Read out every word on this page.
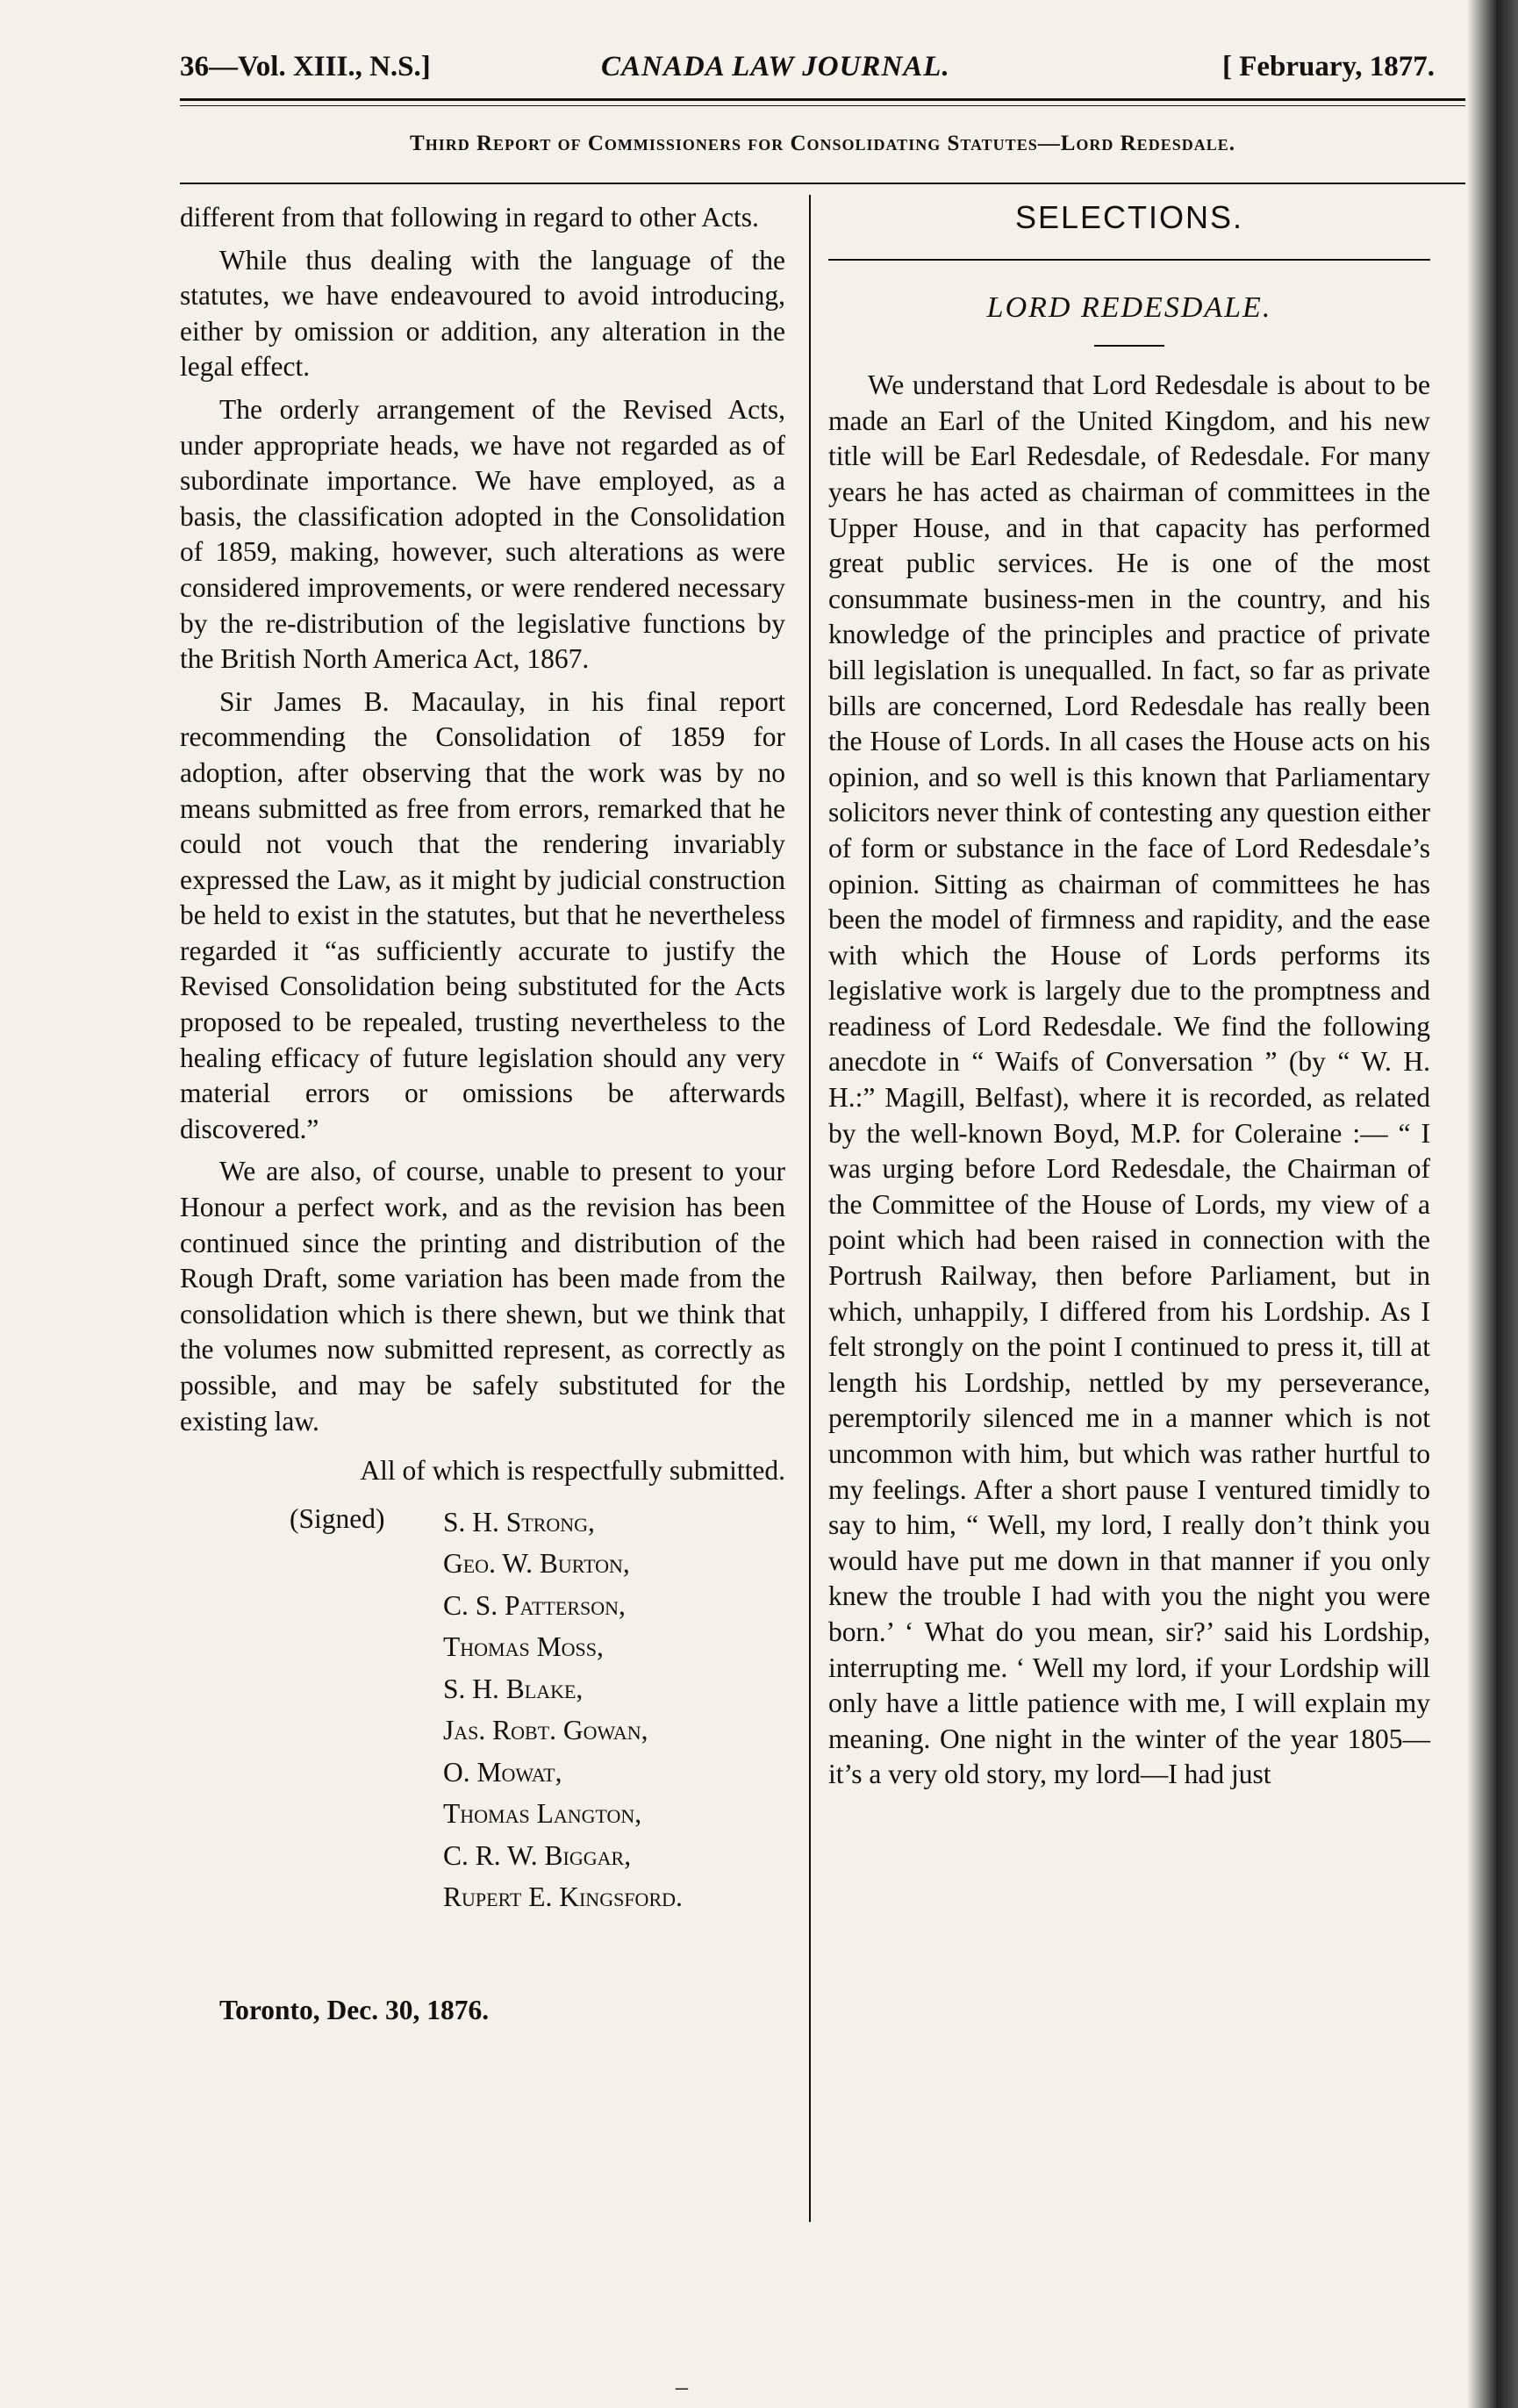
36—Vol. XIII., N.S.]	CANADA LAW JOURNAL.	[ February, 1877.
Third Report of Commissioners for Consolidating Statutes—Lord Redesdale.

different from that following in regard to other Acts.

While thus dealing with the language of the statutes, we have endeavoured to avoid introducing, either by omission or addition, any alteration in the legal effect.

The orderly arrangement of the Revised Acts, under appropriate heads, we have not regarded as of subordinate importance. We have employed, as a basis, the classification adopted in the Consolidation of 1859, making, however, such alterations as were considered improvements, or were rendered necessary by the re-distribution of the legislative functions by the British North America Act, 1867.

Sir James B. Macaulay, in his final report recommending the Consolidation of 1859 for adoption, after observing that the work was by no means submitted as free from errors, remarked that he could not vouch that the rendering invariably expressed the Law, as it might by judicial construction be held to exist in the statutes, but that he nevertheless regarded it “as sufficiently accurate to justify the Revised Consolidation being substituted for the Acts proposed to be repealed, trusting nevertheless to the healing efficacy of future legislation should any very material errors or omissions be afterwards discovered.”

We are also, of course, unable to present to your Honour a perfect work, and as the revision has been continued since the printing and distribution of the Rough Draft, some variation has been made from the consolidation which is there shewn, but we think that the volumes now submitted represent, as correctly as possible, and may be safely substituted for the existing law.

All of which is respectfully submitted.
(Signed) S. H. Strong,
Geo. W. Burton,
C. S. Patterson,
Thomas Moss,
S. H. Blake,
Jas. Robt. Gowan,
O. Mowat,
Thomas Langton,
C. R. W. Biggar,
Rupert E. Kingsford.
Toronto, Dec. 30, 1876.
SELECTIONS.
LORD REDESDALE.

We understand that Lord Redesdale is about to be made an Earl of the United Kingdom, and his new title will be Earl Redesdale, of Redesdale. For many years he has acted as chairman of committees in the Upper House, and in that capacity has performed great public services. He is one of the most consummate business-men in the country, and his knowledge of the principles and practice of private bill legislation is unequalled. In fact, so far as private bills are concerned, Lord Redesdale has really been the House of Lords. In all cases the House acts on his opinion, and so well is this known that Parliamentary solicitors never think of contesting any question either of form or substance in the face of Lord Redesdale’s opinion. Sitting as chairman of committees he has been the model of firmness and rapidity, and the ease with which the House of Lords performs its legislative work is largely due to the promptness and readiness of Lord Redesdale. We find the following anecdote in “ Waifs of Conversation ” (by “ W. H. H.:” Magill, Belfast), where it is recorded, as related by the well-known Boyd, M.P. for Coleraine :— “ I was urging before Lord Redesdale, the Chairman of the Committee of the House of Lords, my view of a point which had been raised in connection with the Portrush Railway, then before Parliament, but in which, unhappily, I differed from his Lordship. As I felt strongly on the point I continued to press it, till at length his Lordship, nettled by my perseverance, peremptorily silenced me in a manner which is not uncommon with him, but which was rather hurtful to my feelings. After a short pause I ventured timidly to say to him, “ Well, my lord, I really don’t think you would have put me down in that manner if you only knew the trouble I had with you the night you were born.’ ‘ What do you mean, sir?’ said his Lordship, interrupting me. ‘ Well my lord, if your Lordship will only have a little patience with me, I will explain my meaning. One night in the winter of the year 1805— it’s a very old story, my lord—I had just

–
